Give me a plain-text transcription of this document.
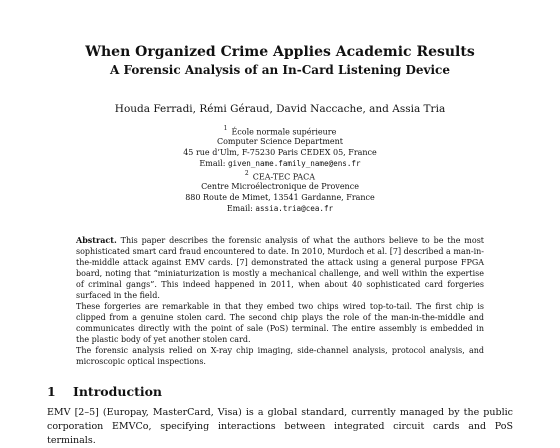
When Organized Crime Applies Academic Results
A Forensic Analysis of an In-Card Listening Device
Houda Ferradi, Rémi Géraud, David Naccache, and Assia Tria
$^1$ École normale supérieure
Computer Science Department
45 rue d’Ulm, F-75230 Paris CEDEX 05, France
Email: given_name.family_name@ens.fr
$^2$ CEA-TEC PACA
Centre Microélectronique de Provence
880 Route de Mimet, 13541 Gardanne, France
Email: assia.tria@cea.fr

Abstract. This paper describes the forensic analysis of what the authors believe to be the most sophisticated smart card fraud encountered to date. In 2010, Murdoch et al. [7] described a man-in-the-middle attack against EMV cards. [7] demonstrated the attack using a general purpose FPGA board, noting that “miniaturization is mostly a mechanical challenge, and well within the expertise of criminal gangs”. This indeed happened in 2011, when about 40 sophisticated card forgeries surfaced in the field.

These forgeries are remarkable in that they embed two chips wired top-to-tail. The first chip is clipped from a genuine stolen card. The second chip plays the role of the man-in-the-middle and communicates directly with the point of sale (PoS) terminal. The entire assembly is embedded in the plastic body of yet another stolen card.

The forensic analysis relied on X-ray chip imaging, side-channel analysis, protocol analysis, and microscopic optical inspections.

1 Introduction

EMV [2–5] (Europay, MasterCard, Visa) is a global standard, currently managed by the public corporation EMVCo, specifying interactions between integrated circuit cards and PoS terminals.
